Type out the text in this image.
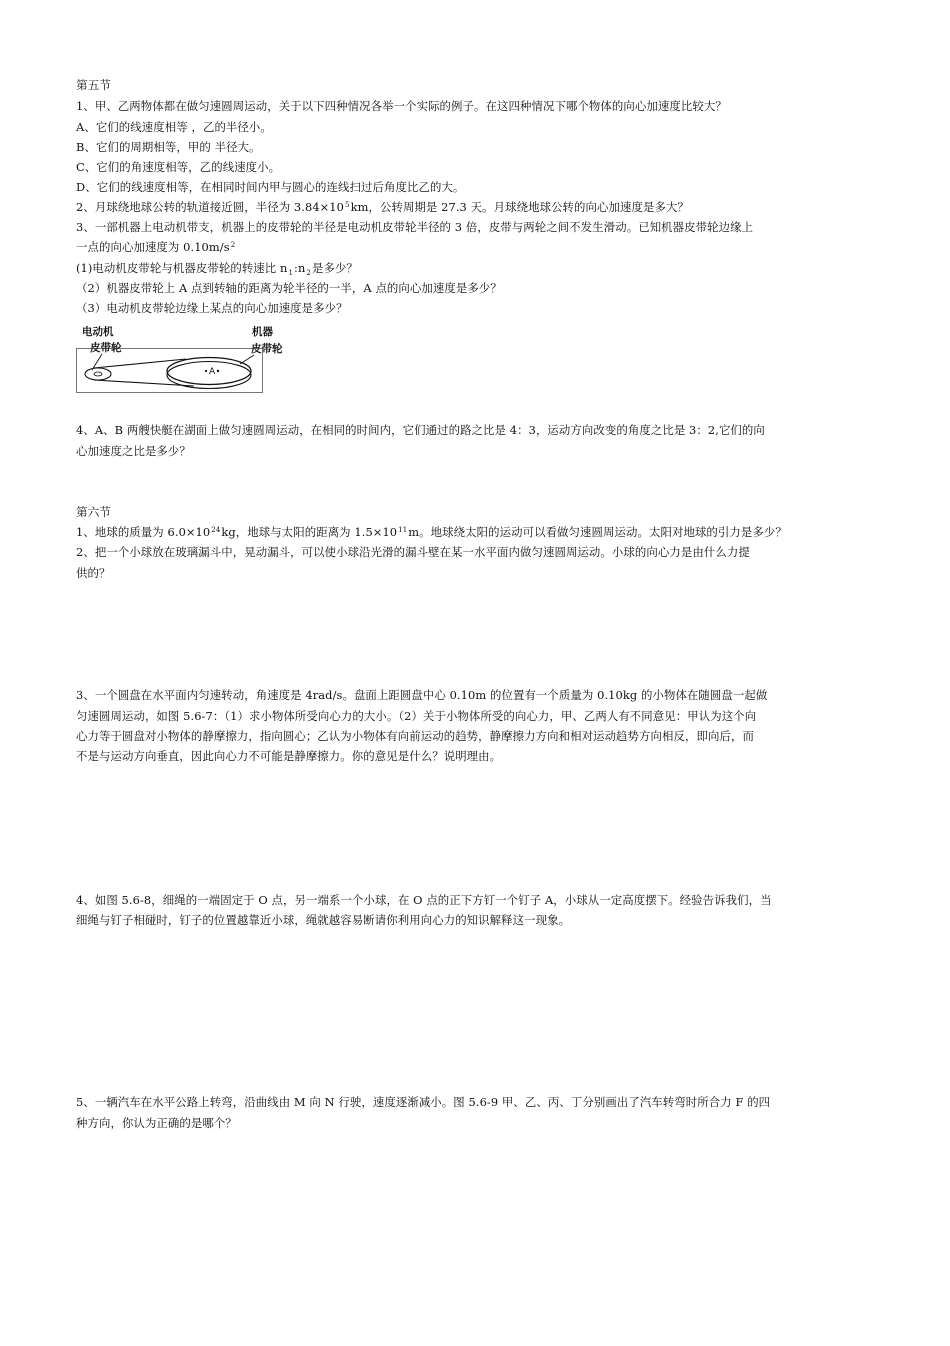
第五节
1、甲、乙两物体都在做匀速圆周运动，关于以下四种情况各举一个实际的例子。在这四种情况下哪个物体的向心加速度比较大？
A、它们的线速度相等 ，乙的半径小。
B、它们的周期相等，甲的 半径大。
C、它们的角速度相等，乙的线速度小。
D、它们的线速度相等，在相同时间内甲与圆心的连线扫过后角度比乙的大。
2、月球绕地球公转的轨道接近圆，半径为 $3.84\times 10^5km$，公转周期是 27.3 天。月球绕地球公转的向心加速度是多大？
3、一部机器上电动机带支，机器上的皮带轮的半径是电动机皮带轮半径的 3 倍，皮带与两轮之间不发生滑动。已知机器皮带轮边缘上
一点的向心加速度为 $0.10m/s^2$
(1)电动机皮带轮与机器皮带轮的转速比 $n_1:n_2$是多少？
（2）机器皮带轮上 A 点到转轴的距离为轮半径的一半，A 点的向心加速度是多少？
（3）电动机皮带轮边缘上某点的向心加速度是多少？
A
电动机
皮带轮
机器
皮带轮
4、A、B 两艘快艇在湖面上做匀速圆周运动，在相同的时间内，它们通过的路之比是 4：3，运动方向改变的角度之比是 3：2,它们的向
心加速度之比是多少？
第六节
1、地球的质量为 $6.0\times 10^{24}kg$，地球与太阳的距离为 $1.5\times 10^{11}m$。地球绕太阳的运动可以看做匀速圆周运动。太阳对地球的引力是多少？
2、把一个小球放在玻璃漏斗中，晃动漏斗，可以使小球沿光滑的漏斗壁在某一水平面内做匀速圆周运动。小球的向心力是由什么力提
供的？
3、一个圆盘在水平面内匀速转动，角速度是 4rad/s。盘面上距圆盘中心 0.10m 的位置有一个质量为 0.10kg 的小物体在随圆盘一起做
匀速圆周运动，如图 5.6-7：（1）求小物体所受向心力的大小。（2）关于小物体所受的向心力，甲、乙两人有不同意见：甲认为这个向
心力等于圆盘对小物体的静摩擦力，指向圆心；乙认为小物体有向前运动的趋势，静摩擦力方向和相对运动趋势方向相反，即向后，而
不是与运动方向垂直，因此向心力不可能是静摩擦力。你的意见是什么？说明理由。
4、如图 5.6-8，细绳的一端固定于 O 点，另一端系一个小球，在 O 点的正下方钉一个钉子 A，小球从一定高度摆下。经验告诉我们，当
细绳与钉子相碰时，钉子的位置越靠近小球，绳就越容易断请你利用向心力的知识解释这一现象。
5、一辆汽车在水平公路上转弯，沿曲线由 M 向 N 行驶，速度逐渐减小。图 5.6-9 甲、乙、丙、丁分别画出了汽车转弯时所合力 F 的四
种方向，你认为正确的是哪个？
